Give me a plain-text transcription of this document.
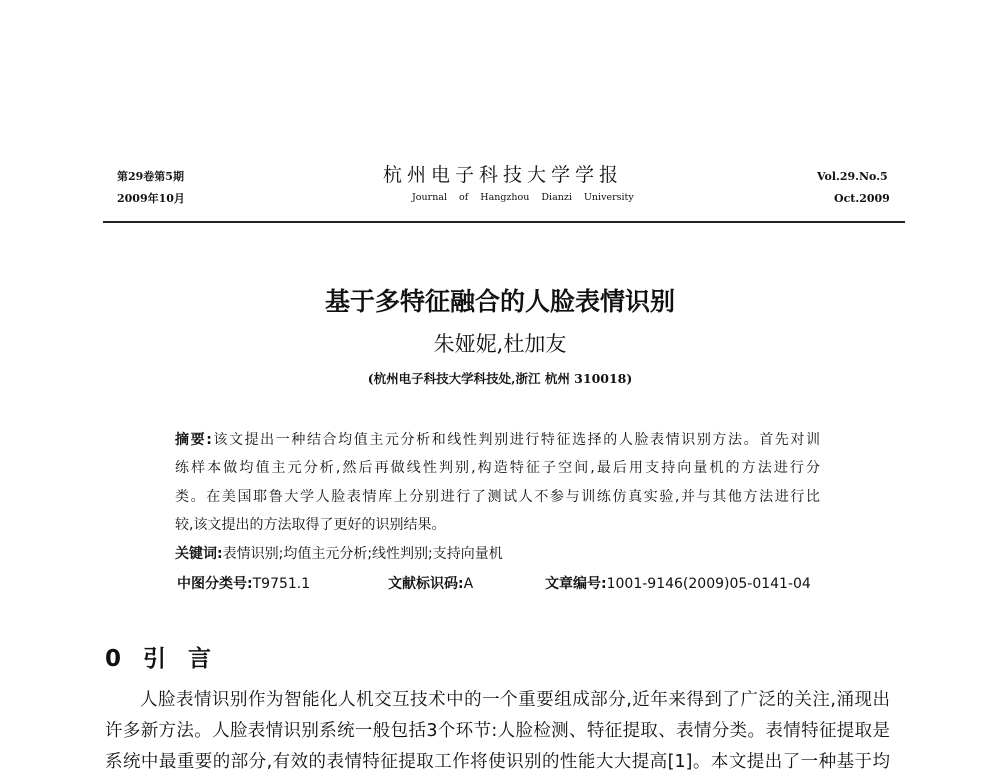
第29卷第5期
2009年10月
杭州电子科技大学学报
Journal of Hangzhou Dianzi University
Vol.29.No.5
Oct.2009
基于多特征融合的人脸表情识别
朱娅妮,杜加友
(杭州电子科技大学科技处,浙江 杭州 310018)
摘要:该文提出一种结合均值主元分析和线性判别进行特征选择的人脸表情识别方法。首先对训
练样本做均值主元分析,然后再做线性判别,构造特征子空间,最后用支持向量机的方法进行分
类。在美国耶鲁大学人脸表情库上分别进行了测试人不参与训练仿真实验,并与其他方法进行比
较,该文提出的方法取得了更好的识别结果。
关键词:表情识别;均值主元分析;线性判别;支持向量机
中图分类号:T9751.1	文献标识码:A	文章编号:1001-9146(2009)05-0141-04
0 引 言
人脸表情识别作为智能化人机交互技术中的一个重要组成部分,近年来得到了广泛的关注,涌现出
许多新方法。人脸表情识别系统一般包括3个环节:人脸检测、特征提取、表情分类。表情特征提取是
系统中最重要的部分,有效的表情特征提取工作将使识别的性能大大提高[1]。本文提出了一种基于均
